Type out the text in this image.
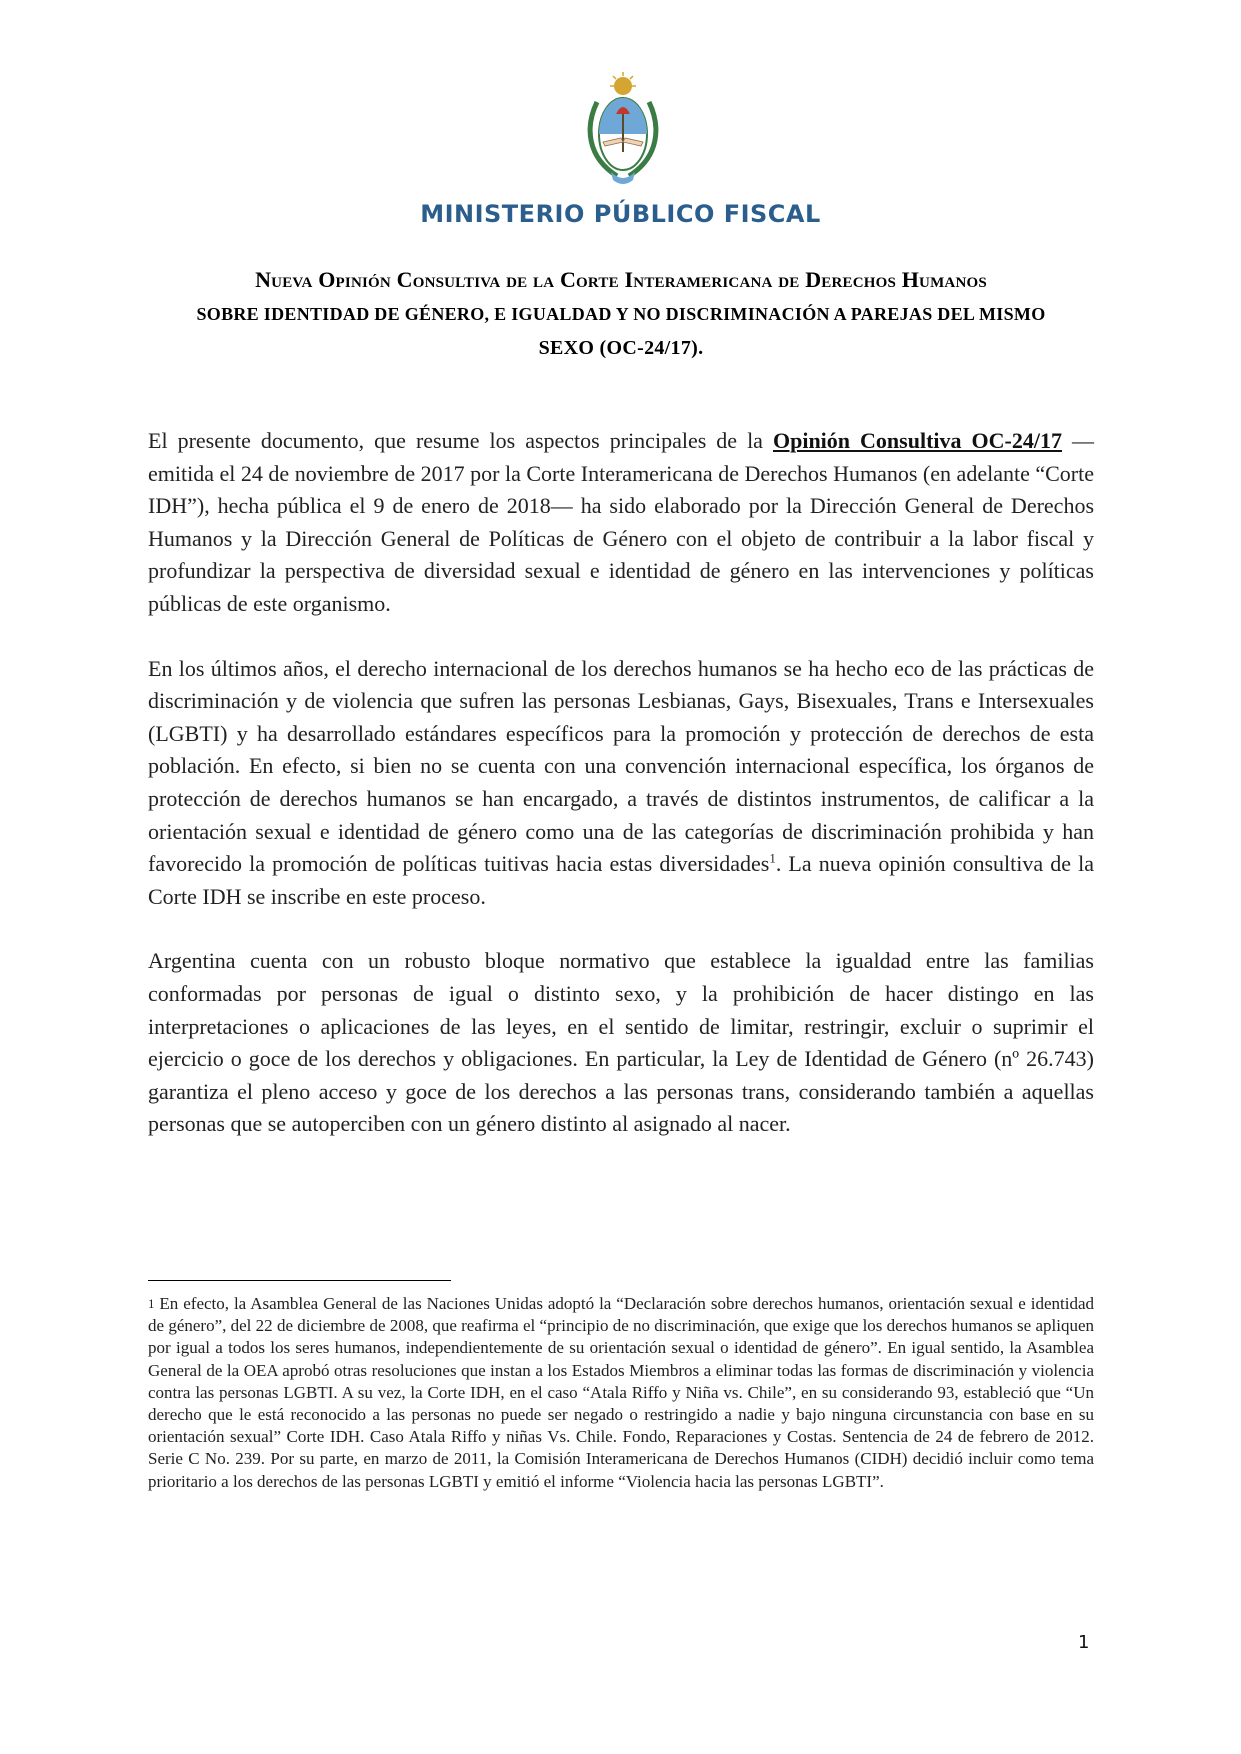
MINISTERIO PÚBLICO FISCAL
Nueva Opinión Consultiva de la Corte Interamericana de Derechos Humanos
SOBRE IDENTIDAD DE GÉNERO, E IGUALDAD Y NO DISCRIMINACIÓN A PAREJAS DEL MISMO
SEXO (OC-24/17).

El presente documento, que resume los aspectos principales de la Opinión Consultiva OC-24/17 —emitida el 24 de noviembre de 2017 por la Corte Interamericana de Derechos Humanos (en adelante “Corte IDH”), hecha pública el 9 de enero de 2018— ha sido elaborado por la Dirección General de Derechos Humanos y la Dirección General de Políticas de Género con el objeto de contribuir a la labor fiscal y profundizar la perspectiva de diversidad sexual e identidad de género en las intervenciones y políticas públicas de este organismo.

En los últimos años, el derecho internacional de los derechos humanos se ha hecho eco de las prácticas de discriminación y de violencia que sufren las personas Lesbianas, Gays, Bisexuales, Trans e Intersexuales (LGBTI) y ha desarrollado estándares específicos para la promoción y protección de derechos de esta población. En efecto, si bien no se cuenta con una convención internacional específica, los órganos de protección de derechos humanos se han encargado, a través de distintos instrumentos, de calificar a la orientación sexual e identidad de género como una de las categorías de discriminación prohibida y han favorecido la promoción de políticas tuitivas hacia estas diversidades$^1$. La nueva opinión consultiva de la Corte IDH se inscribe en este proceso.

Argentina cuenta con un robusto bloque normativo que establece la igualdad entre las familias conformadas por personas de igual o distinto sexo, y la prohibición de hacer distingo en las interpretaciones o aplicaciones de las leyes, en el sentido de limitar, restringir, excluir o suprimir el ejercicio o goce de los derechos y obligaciones. En particular, la Ley de Identidad de Género (nº 26.743) garantiza el pleno acceso y goce de los derechos a las personas trans, considerando también a aquellas personas que se autoperciben con un género distinto al asignado al nacer.

$^1$ En efecto, la Asamblea General de las Naciones Unidas adoptó la “Declaración sobre derechos humanos, orientación sexual e identidad de género”, del 22 de diciembre de 2008, que reafirma el “principio de no discriminación, que exige que los derechos humanos se apliquen por igual a todos los seres humanos, independientemente de su orientación sexual o identidad de género”. En igual sentido, la Asamblea General de la OEA aprobó otras resoluciones que instan a los Estados Miembros a eliminar todas las formas de discriminación y violencia contra las personas LGBTI. A su vez, la Corte IDH, en el caso “Atala Riffo y Niña vs. Chile”, en su considerando 93, estableció que “Un derecho que le está reconocido a las personas no puede ser negado o restringido a nadie y bajo ninguna circunstancia con base en su orientación sexual” Corte IDH. Caso Atala Riffo y niñas Vs. Chile. Fondo, Reparaciones y Costas. Sentencia de 24 de febrero de 2012. Serie C No. 239. Por su parte, en marzo de 2011, la Comisión Interamericana de Derechos Humanos (CIDH) decidió incluir como tema prioritario a los derechos de las personas LGBTI y emitió el informe “Violencia hacia las personas LGBTI”.
1
